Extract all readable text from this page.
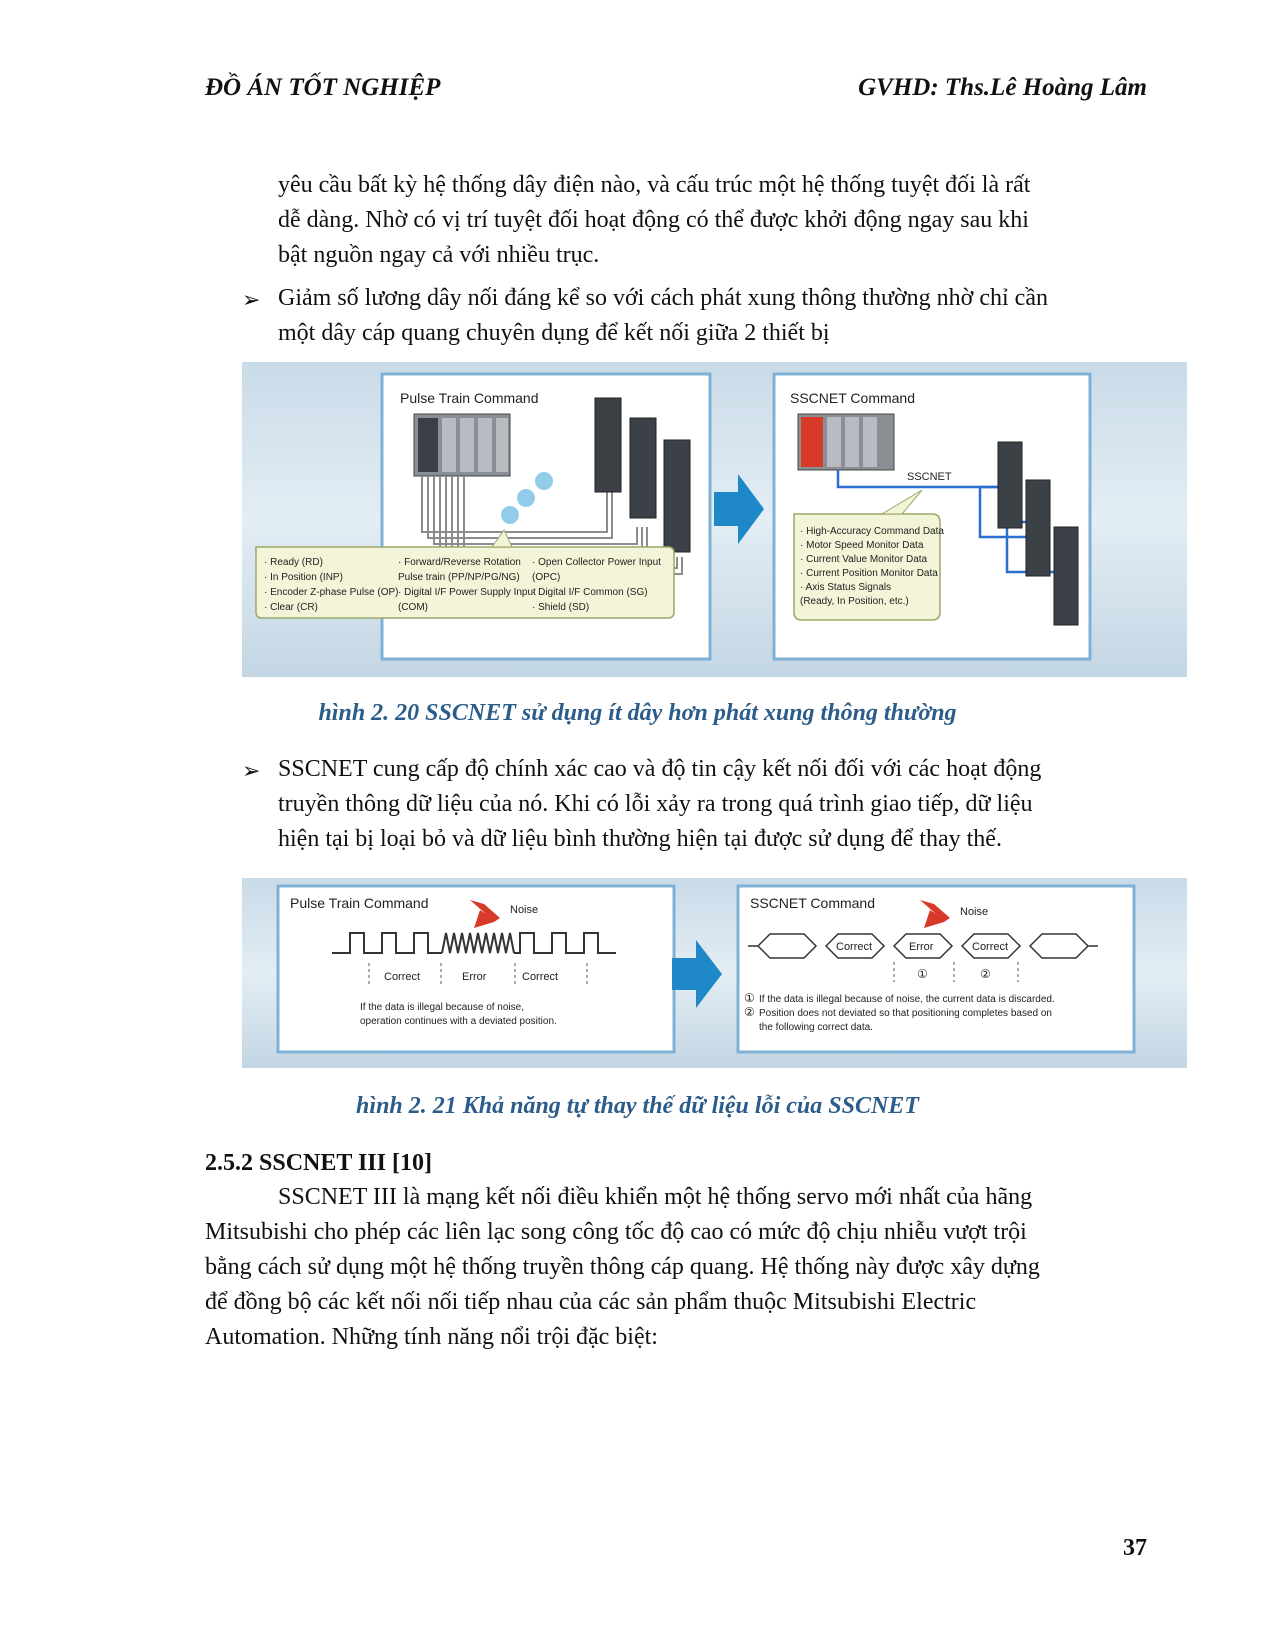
ĐỒ ÁN TỐT NGHIỆP	GVHD: Ths.Lê Hoàng Lâm

yêu cầu bất kỳ hệ thống dây điện nào, và cấu trúc một hệ thống tuyệt đối là rất
dễ dàng. Nhờ có vị trí tuyệt đối hoạt động có thể được khởi động ngay sau khi
bật nguồn ngay cả với nhiều trục.

➢ Giảm số lương dây nối đáng kể so với cách phát xung thông thường nhờ chỉ cần
một dây cáp quang chuyên dụng để kết nối giữa 2 thiết bị

Pulse Train Command
· Ready (RD)
· In Position (INP)
· Encoder Z-phase Pulse (OP)
· Clear (CR)
· Forward/Reverse Rotation
Pulse train (PP/NP/PG/NG)
· Digital I/F Power Supply Input
(COM)
· Open Collector Power Input
(OPC)
· Digital I/F Common (SG)
· Shield (SD)
SSCNET Command
SSCNET
· High-Accuracy Command Data
· Motor Speed Monitor Data
· Current Value Monitor Data
· Current Position Monitor Data
· Axis Status Signals
(Ready, In Position, etc.)
hình 2. 20 SSCNET sử dụng ít dây hơn phát xung thông thường
➢ SSCNET cung cấp độ chính xác cao và độ tin cậy kết nối đối với các hoạt động
truyền thông dữ liệu của nó. Khi có lỗi xảy ra trong quá trình giao tiếp, dữ liệu
hiện tại bị loại bỏ và dữ liệu bình thường hiện tại được sử dụng để thay thế.

Pulse Train Command	Noise
Correct	Error	Correct
If the data is illegal because of noise,
operation continues with a deviated position.
SSCNET Command
Correct	Error	Correct
Noise
①	②
① If the data is illegal because of noise, the current data is discarded.
② Position does not deviated so that positioning completes based on
the following correct data.
hình 2. 21 Khả năng tự thay thế dữ liệu lỗi của SSCNET
2.5.2 SSCNET III [10]

SSCNET III là mạng kết nối điều khiển một hệ thống servo mới nhất của hãng
Mitsubishi cho phép các liên lạc song công tốc độ cao có mức độ chịu nhiễu vượt trội
bằng cách sử dụng một hệ thống truyền thông cáp quang. Hệ thống này được xây dựng
để đồng bộ các kết nối nối tiếp nhau của các sản phẩm thuộc Mitsubishi Electric
Automation. Những tính năng nổi trội đặc biệt:

37
